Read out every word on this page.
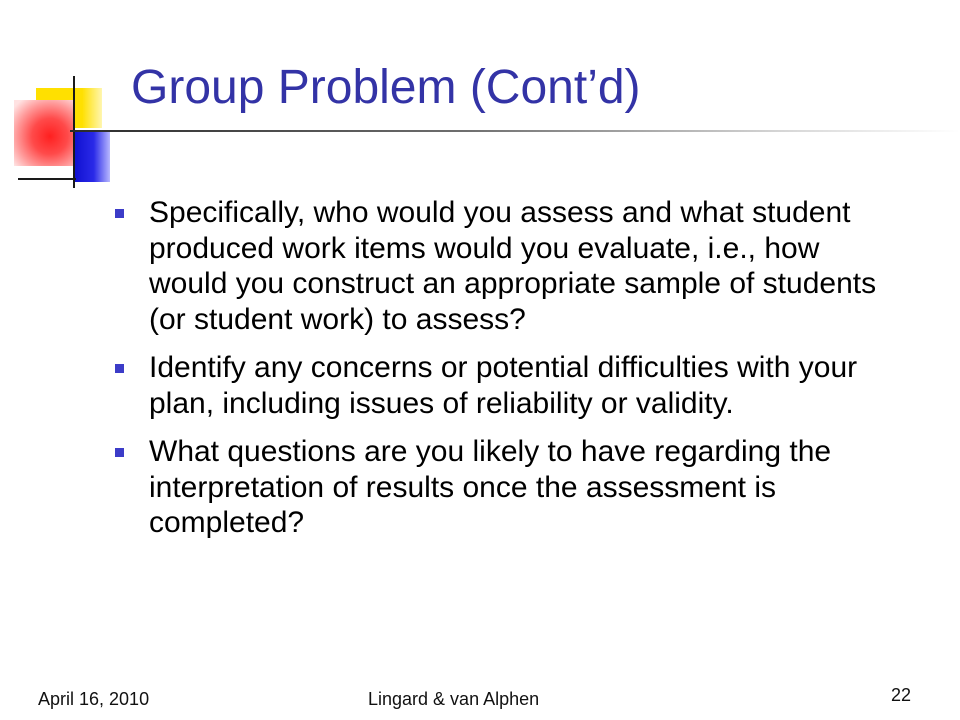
Group Problem (Cont’d)
Specifically, who would you assess and what student produced work items would you evaluate, i.e., how would you construct an appropriate sample of students (or student work) to assess?
Identify any concerns or potential difficulties with your plan, including issues of reliability or validity.
What questions are you likely to have regarding the interpretation of results once the assessment is completed?
April 16, 2010	Lingard & van Alphen	22
